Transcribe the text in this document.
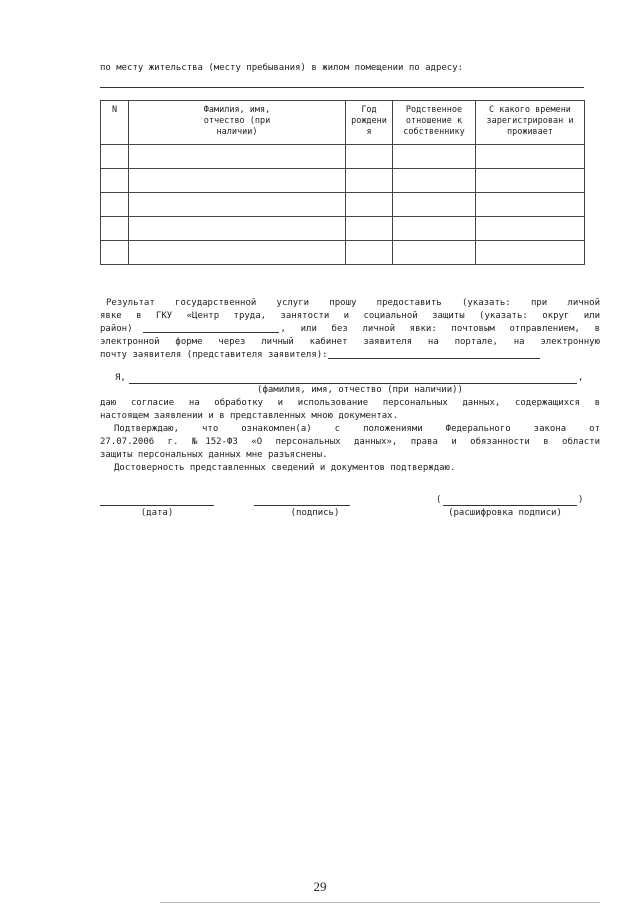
по месту жительства (месту пребывания) в жилом помещении по адресу:
N	Фамилия, имя, отчество (при наличии)	Год рождени я	Родственное отношение к собственнику	С какого времени зарегистрирован и проживает

Результат государственной услуги прошу предоставить (указать: при личной
явке в ГКУ «Центр труда, занятости и социальной защиты (указать: округ или
район)	, или без личной явки: почтовым отправлением, в
электронной форме через личный кабинет заявителя на портале, на электронную
почту заявителя (представителя заявителя):
Я,	,
(фамилия, имя, отчество (при наличии))
даю согласие на обработку и использование персональных данных, содержащихся в
настоящем заявлении и в представленных мною документах.
Подтверждаю, что ознакомлен(а) с положениями Федерального закона от
27.07.2006 г. №152-ФЗ «О персональных данных», права и обязанности в области
защиты персональных данных мне разъяснены.
Достоверность представленных сведений и документов подтверждаю.
(дата)	(подпись)
(	)
(расшифровка подписи)
29
